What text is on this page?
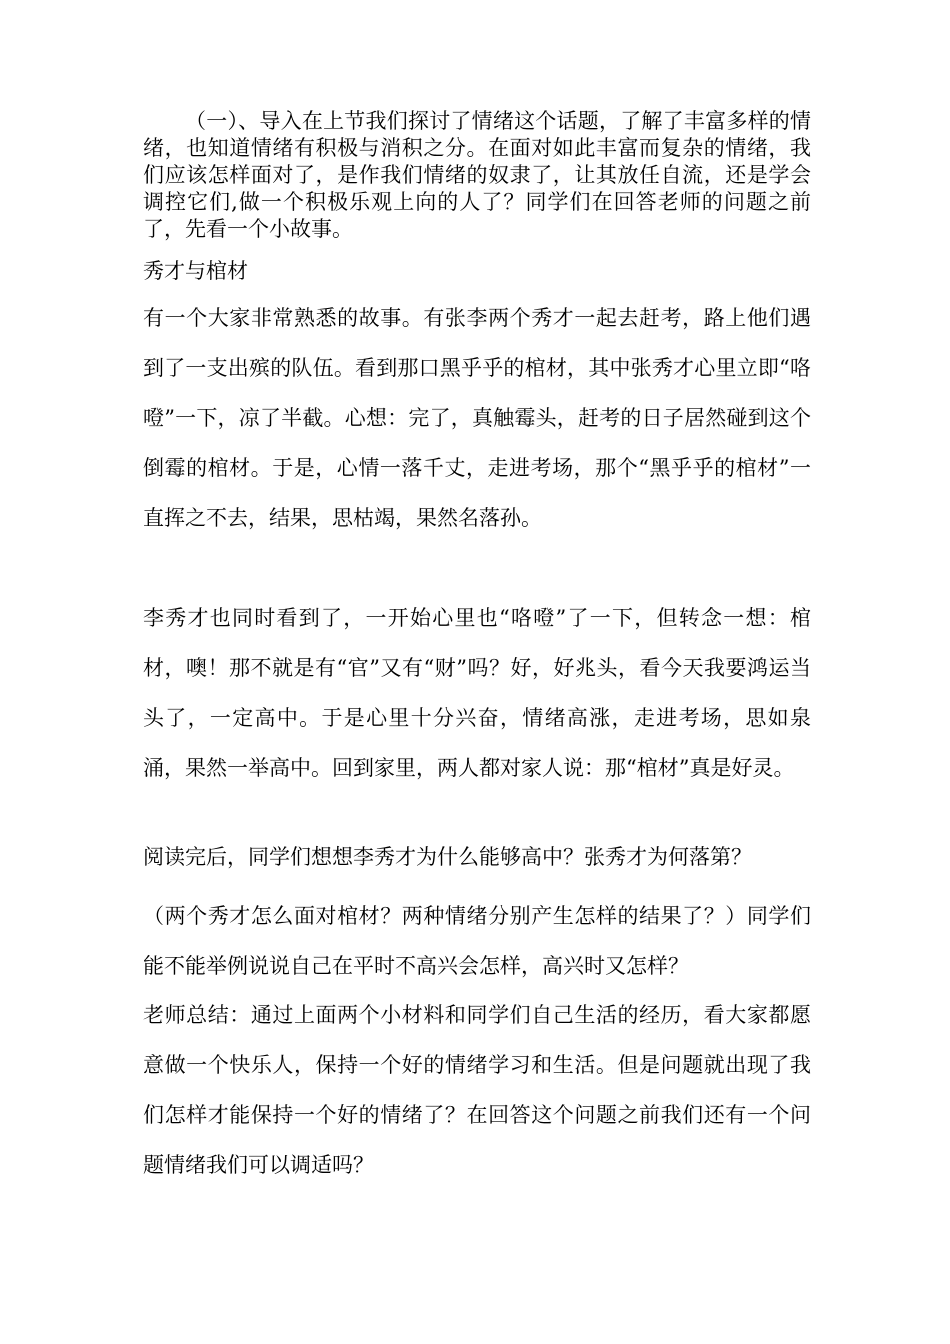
（一）、导入在上节我们探讨了情绪这个话题，了解了丰富多样的情绪，也知道情绪有积极与消积之分。在面对如此丰富而复杂的情绪，我们应该怎样面对了，是作我们情绪的奴隶了，让其放任自流，还是学会调控它们,做一个积极乐观上向的人了？同学们在回答老师的问题之前了，先看一个小故事。

秀才与棺材

有一个大家非常熟悉的故事。有张李两个秀才一起去赶考，路上他们遇到了一支出殡的队伍。看到那口黑乎乎的棺材，其中张秀才心里立即“咯噔”一下，凉了半截。心想：完了，真触霉头，赶考的日子居然碰到这个倒霉的棺材。于是，心情一落千丈，走进考场，那个“黑乎乎的棺材”一直挥之不去，结果，思枯竭，果然名落孙。

李秀才也同时看到了，一开始心里也“咯噔”了一下，但转念一想：棺材，噢！那不就是有“官”又有“财”吗？好，好兆头，看今天我要鸿运当头了，一定高中。于是心里十分兴奋，情绪高涨，走进考场，思如泉涌，果然一举高中。回到家里，两人都对家人说：那“棺材”真是好灵。

阅读完后，同学们想想李秀才为什么能够高中？张秀才为何落第？

（两个秀才怎么面对棺材？两种情绪分别产生怎样的结果了？）同学们能不能举例说说自己在平时不高兴会怎样，高兴时又怎样？

老师总结：通过上面两个小材料和同学们自己生活的经历，看大家都愿意做一个快乐人，保持一个好的情绪学习和生活。但是问题就出现了我们怎样才能保持一个好的情绪了？在回答这个问题之前我们还有一个问题情绪我们可以调适吗？
